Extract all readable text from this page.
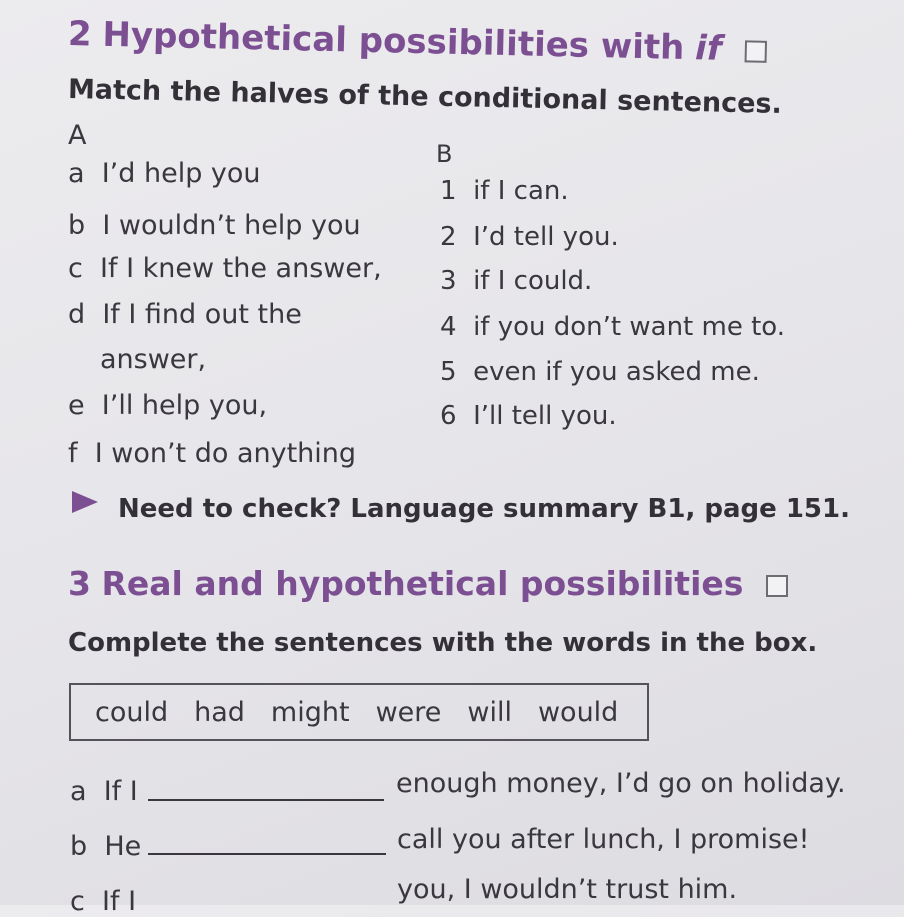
2 Hypothetical possibilities with if
Match the halves of the conditional sentences.
A
B
a I’d help you
b I wouldn’t help you
c If I knew the answer,
d If I find out the
answer,
e I’ll help you,
f I won’t do anything
1 if I can.
2 I’d tell you.
3 if I could.
4 if you don’t want me to.
5 even if you asked me.
6 I’ll tell you.
Need to check? Language summary B1, page 151.
3 Real and hypothetical possibilities
Complete the sentences with the words in the box.
could had might were will would
a If I	enough money, I’d go on holiday.
b He	call you after lunch, I promise!
c If I	you, I wouldn’t trust him.
